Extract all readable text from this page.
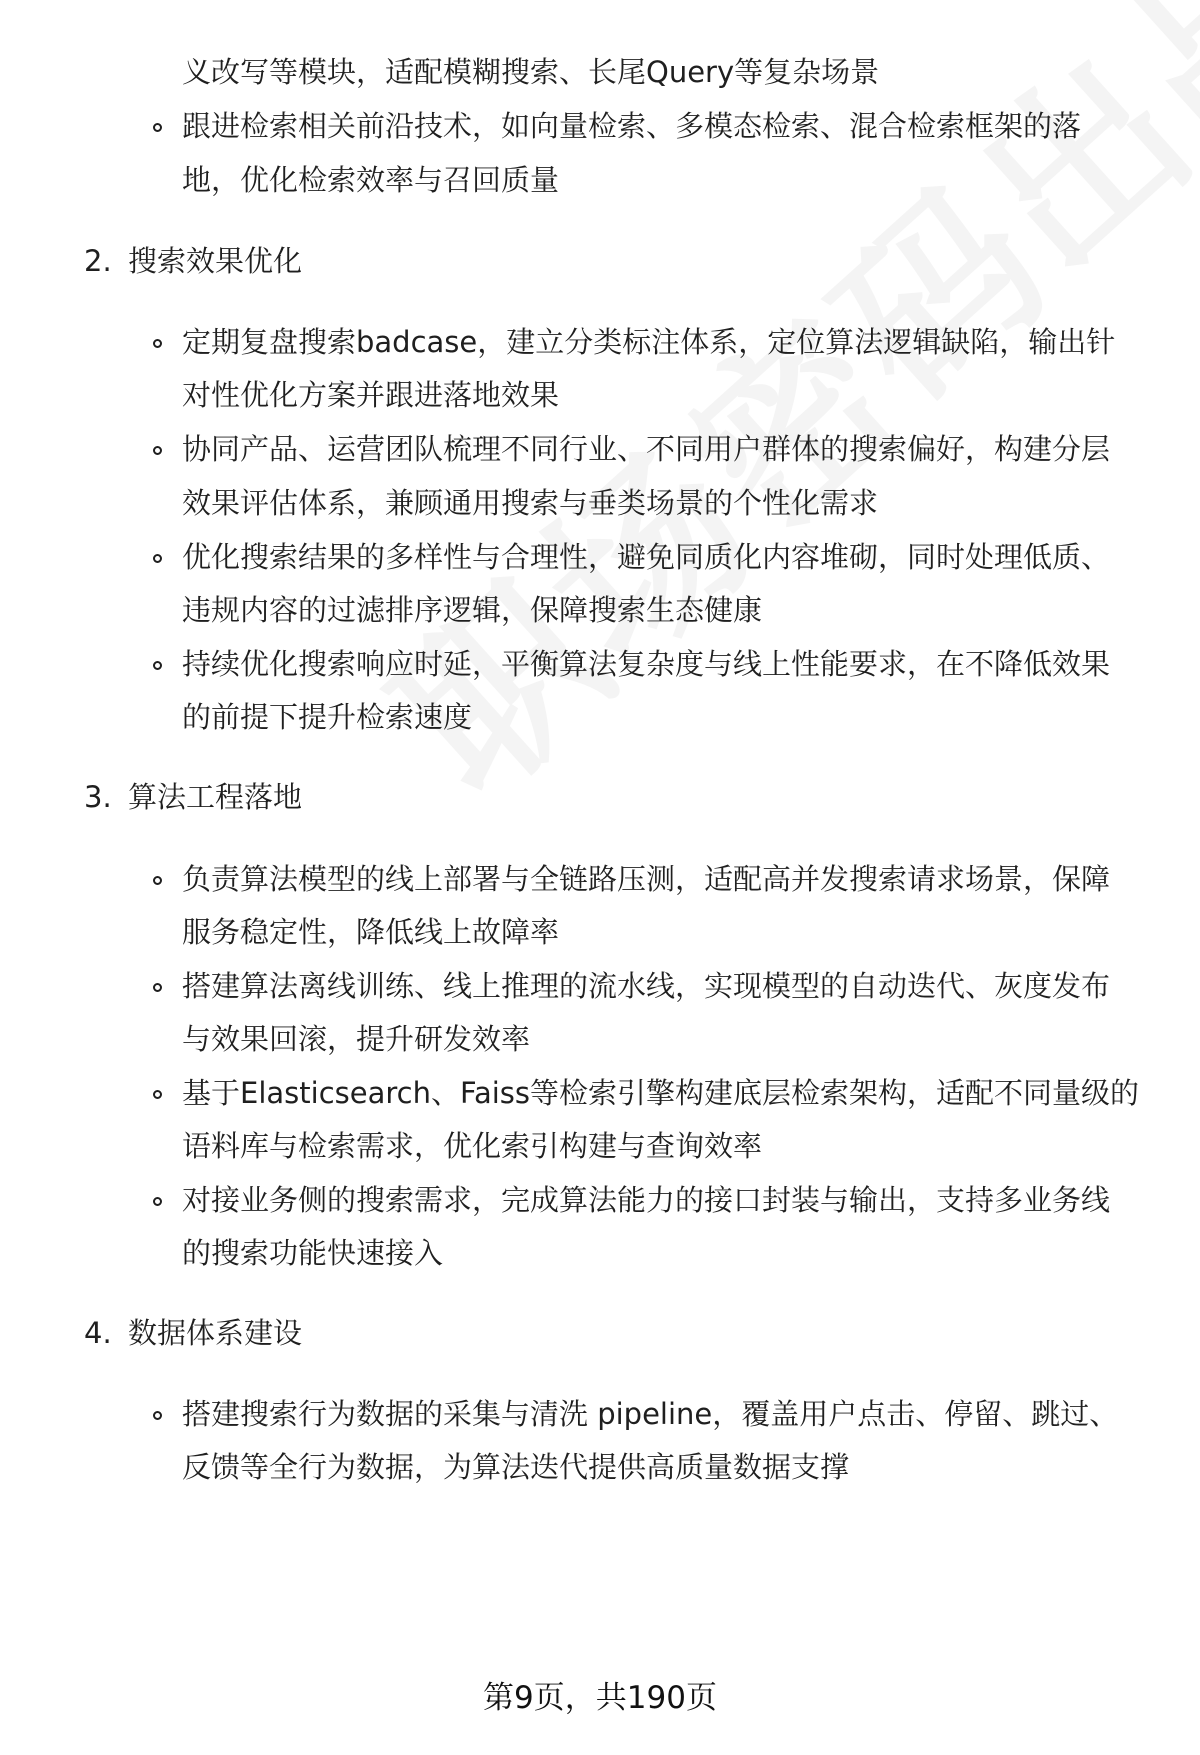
义改写等模块，适配模糊搜索、长尾Query等复杂场景
跟进检索相关前沿技术，如向量检索、多模态检索、混合检索框架的落
地，优化检索效率与召回质量
2. 搜索效果优化
定期复盘搜索badcase，建立分类标注体系，定位算法逻辑缺陷，输出针
对性优化方案并跟进落地效果
协同产品、运营团队梳理不同行业、不同用户群体的搜索偏好，构建分层
效果评估体系，兼顾通用搜索与垂类场景的个性化需求
优化搜索结果的多样性与合理性，避免同质化内容堆砌，同时处理低质、
违规内容的过滤排序逻辑，保障搜索生态健康
持续优化搜索响应时延，平衡算法复杂度与线上性能要求，在不降低效果
的前提下提升检索速度
3. 算法工程落地
负责算法模型的线上部署与全链路压测，适配高并发搜索请求场景，保障
服务稳定性，降低线上故障率
搭建算法离线训练、线上推理的流水线，实现模型的自动迭代、灰度发布
与效果回滚，提升研发效率
基于Elasticsearch、Faiss等检索引擎构建底层检索架构，适配不同量级的
语料库与检索需求，优化索引构建与查询效率
对接业务侧的搜索需求，完成算法能力的接口封装与输出，支持多业务线
的搜索功能快速接入
4. 数据体系建设
搭建搜索行为数据的采集与清洗 pipeline，覆盖用户点击、停留、跳过、
反馈等全行为数据，为算法迭代提供高质量数据支撑
第9页，共190页
